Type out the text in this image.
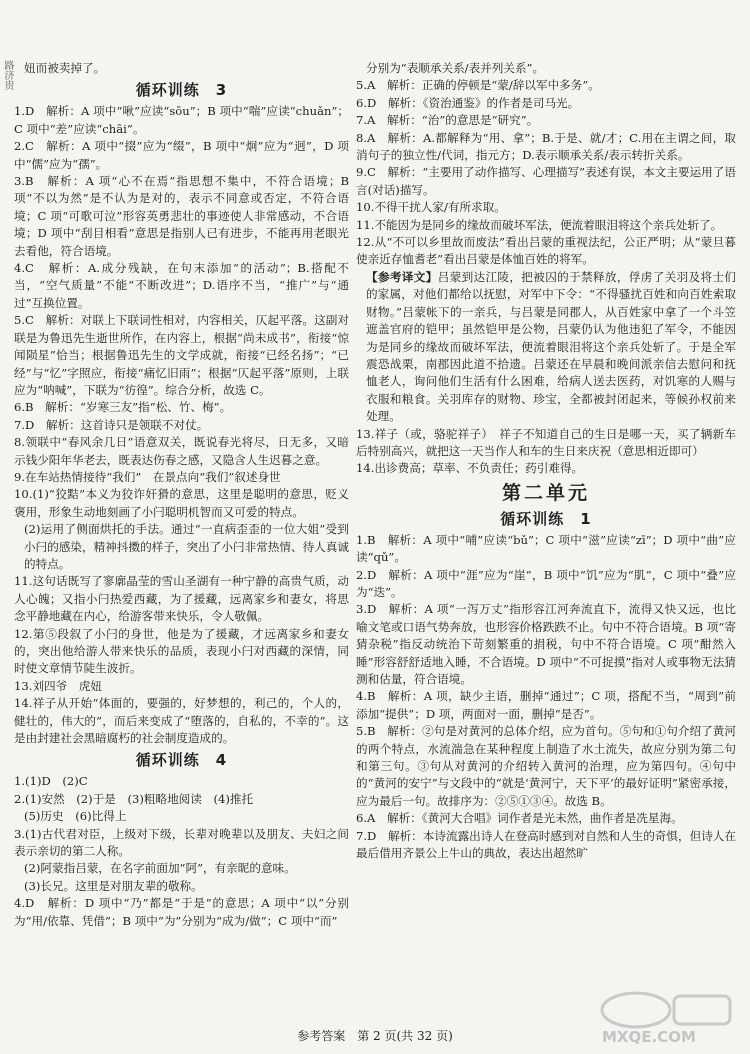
路济贵 妞而被卖掉了。
循环训练　3
1.D　解析：A 项中“啾”应读“sōu”；B 项中“喘”应读“chuǎn”；C 项中“差”应读“chāi”。
2.C　解析：A 项中“掇”应为“缀”，B 项中“炯”应为“迥”，D 项中“儒”应为“孺”。
3.B　解析：A 项“心不在焉”指思想不集中，不符合语境；B 项“不以为然”是不认为是对的，表示不同意或否定，不符合语境；C 项“可歌可泣”形容英勇悲壮的事迹使人非常感动，不合语境；D 项中“刮目相看”意思是指别人已有进步，不能再用老眼光去看他，符合语境。
4.C　解析：A.成分残缺，在句末添加“的活动”；B.搭配不当，“空气质量”不能“不断改进”；D.语序不当，“推广”与“通过”互换位置。
5.C　解析：对联上下联词性相对，内容相关，仄起平落。这副对联是为鲁迅先生逝世所作，在内容上，根据“尚未成书”，衔接“惊闻陨星”恰当；根据鲁迅先生的文学成就，衔接“已经名扬”；“已经”与“忆”字照应，衔接“痛忆旧雨”；根据“仄起平落”原则，上联应为“呐喊”，下联为“彷徨”。综合分析，故选 C。
6.B　解析：“岁寒三友”指“松、竹、梅”。
7.D　解析：这首诗只是领联不对仗。
8.领联中“春风余几日”语意双关，既说春光将尽，日无多，又暗示钱少阳年华老去，既表达伤春之感，又隐含人生迟暮之意。
9.在车站热情接待“我们”　在景点向“我们”叙述身世
10.(1)“狡黠”本义为狡诈奸猾的意思，这里是聪明的意思，贬义褒用，形象生动地刻画了小闩聪明机智而又可爱的特点。
(2)运用了侧面烘托的手法。通过“一直病歪歪的一位大姐”受到小闩的感染，精神抖擞的样子，突出了小闩非常热情、待人真诚的特点。
11.这句话既写了寥廓晶莹的雪山圣湖有一种宁静的高贵气质，动人心魄；又指小闩热爱西藏，为了援藏，远离家乡和妻女，将思念平静地藏在内心，给游客带来快乐，令人敬佩。
12.第⑤段叙了小闩的身世，他是为了援藏，才远离家乡和妻女的，突出他给游人带来快乐的品质，表现小闩对西藏的深情，同时使文章情节陡生波折。
13.刘四爷　虎妞
14.祥子从开始“体面的，要强的，好梦想的，利己的，个人的，健壮的，伟大的”，而后来变成了“堕落的，自私的，不幸的”。这是由封建社会黑暗腐朽的社会制度造成的。
循环训练　4
1.(1)D　(2)C
2.(1)安然　(2)于是　(3)粗略地阅读　(4)推托
(5)历史　(6)比得上
3.(1)古代君对臣，上级对下级，长辈对晚辈以及朋友、夫妇之间表示亲切的第二人称。
(2)阿蒙指吕蒙，在名字前面加“阿”，有亲昵的意味。
(3)长兄。这里是对朋友辈的敬称。
4.D　解析：D 项中“乃”都是“于是”的意思；A 项中“以”分别为“用/依靠、凭借”；B 项中“为”分别为“成为/做”；C 项中“而”
分别为“表顺承关系/表并列关系”。
5.A　解析：正确的停顿是“蒙/辞以军中多务”。
6.D　解析：《资治通鉴》的作者是司马光。
7.A　解析：“治”的意思是“研究”。
8.A　解析：A.都解释为“用、拿”；B.于是、就/才；C.用在主谓之间，取消句子的独立性/代词，指元方；D.表示顺承关系/表示转折关系。
9.C　解析：“主要用了动作描写、心理描写”表述有误，本文主要运用了语言(对话)描写。
10.不得干扰人家/有所求取。
11.不能因为是同乡的缘故而破坏军法，便流着眼泪将这个亲兵处斩了。
12.从“不可以乡里故而废法”看出吕蒙的重视法纪，公正严明；从“蒙旦暮使亲近存恤耆老”看出吕蒙是体恤百姓的将军。
【参考译文】吕蒙到达江陵，把被囚的于禁释放，俘虏了关羽及将士们的家属，对他们都给以抚慰，对军中下令：“不得骚扰百姓和向百姓索取财物。”吕蒙帐下的一亲兵，与吕蒙是同郡人，从百姓家中拿了一个斗笠遮盖官府的铠甲；虽然铠甲是公物，吕蒙仍认为他违犯了军令，不能因为是同乡的缘故而破坏军法，便流着眼泪将这个亲兵处斩了。于是全军震恐战栗，南郡因此道不拾遗。吕蒙还在早晨和晚间派亲信去慰问和抚恤老人，询问他们生活有什么困难，给病人送去医药，对饥寒的人赐与衣服和粮食。关羽库存的财物、珍宝，全都被封闭起来，等候孙权前来处理。
13.祥子（或，骆驼祥子）　祥子不知道自己的生日是哪一天，买了辆新车后特别高兴，就把这一天当作人和车的生日来庆祝（意思相近即可）
14.出诊费高；草率、不负责任；药引难得。
第二单元
循环训练　1
1.B　解析：A 项中“哺”应读“bǔ”；C 项中“滋”应读“zī”；D 项中“曲”应读“qǔ”。
2.D　解析：A 项中“涯”应为“崖”，B 项中“饥”应为“肌”，C 项中“叠”应为“迭”。
3.D　解析：A 项“一泻万丈”指形容江河奔流直下，流得又快又远，也比喻文笔或口语气势奔放，也形容价格跌跌不止。句中不符合语境。B 项“寄猜杂税”指反动统治下苛刻繁重的捐税，句中不符合语境。C 项“酣然入睡”形容舒舒适地入睡，不合语境。D 项中“不可捉摸”指对人或事物无法猜测和估量，符合语境。
4.B　解析：A 项，缺少主语，删掉“通过”；C 项，搭配不当，“周到”前添加“提供”；D 项，两面对一面，删掉“是否”。
5.B　解析：②句是对黄河的总体介绍，应为首句。⑤句和①句介绍了黄河的两个特点，水流湍急在某种程度上制造了水土流失，故应分别为第二句和第三句。③句从对黄河的介绍转入黄河的治理，应为第四句。④句中的“黄河的安宁”与文段中的“就是‘黄河宁，天下平’的最好证明”紧密承接，应为最后一句。故排序为：②⑤①③④。故选 B。
6.A　解析：《黄河大合唱》词作者是光未然，曲作者是冼星海。
7.D　解析：本诗流露出诗人在登高时感到对自然和人生的奇惧，但诗人在最后借用齐景公上牛山的典故，表达出超然旷
参考答案　第 2 页(共 32 页)	MXQE.COM
